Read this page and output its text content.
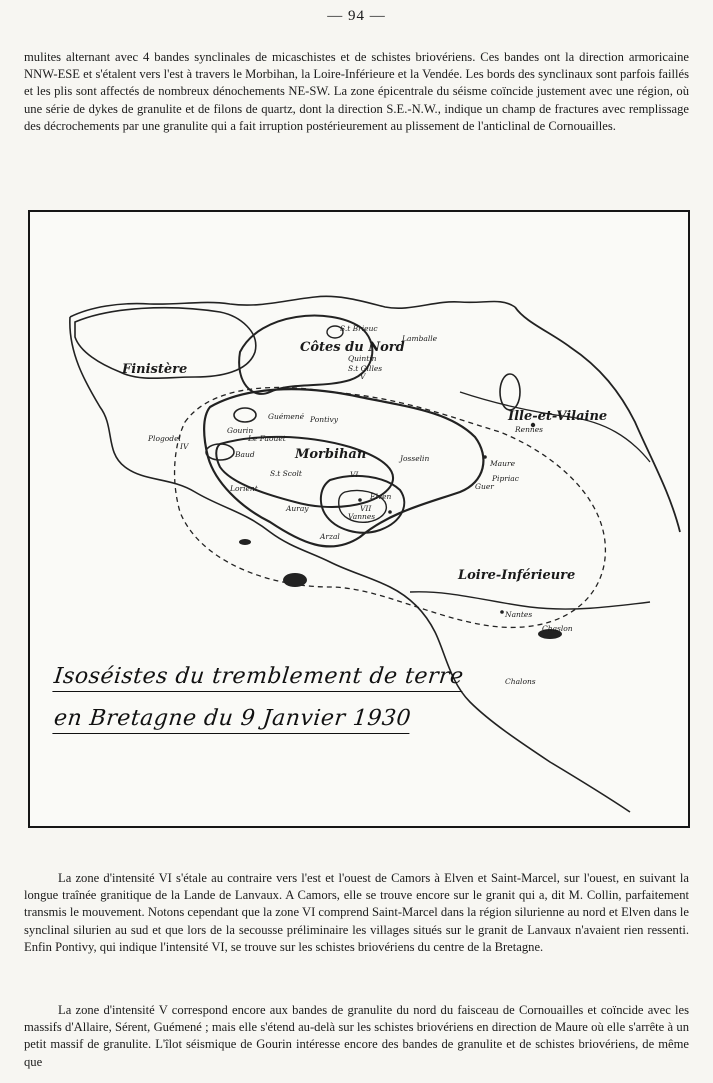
— 94 —

mulites alternant avec 4 bandes synclinales de micaschistes et de schistes briovériens. Ces bandes ont la direction armoricaine NNW-ESE et s'étalent vers l'est à travers le Morbihan, la Loire-Inférieure et la Vendée. Les bords des synclinaux sont parfois faillés et les plis sont affectés de nombreux dénochements NE-SW. La zone épicentrale du séisme coïncide justement avec une région, où une série de dykes de granulite et de filons de quartz, dont la direction S.E.-N.W., indique un champ de fractures avec remplissage des décrochements par une granulite qui a fait irruption postérieurement au plissement de l'anticlinal de Cornouailles.

Finistère
Côtes du Nord
Morbihan
Ille-et-Vilaine
Loire-Inférieure
Lamballe
S.t Brieuc
Quintin
S.t Gilles
Rennes
Plogodel
Gourin
Le Faouet
Guémené Pontivy
Josselin
Baud
S.t Scolt
Lorient
Auray
Vannes
Elven
Arzal
Maure
Pipriac
Guer
Nantes
Chalons
Chaslon
IV
V
VI
VII
Isoséistes du tremblement de terre
en Bretagne du 9 Janvier 1930

La zone d'intensité VI s'étale au contraire vers l'est et l'ouest de Camors à Elven et Saint-Marcel, sur l'ouest, en suivant la longue traînée granitique de la Lande de Lanvaux. A Camors, elle se trouve encore sur le granit qui a, dit M. Collin, parfaitement transmis le mouvement. Notons cependant que la zone VI comprend Saint-Marcel dans la région silurienne au nord et Elven dans le synclinal silurien au sud et que lors de la secousse préliminaire les villages situés sur le granit de Lanvaux n'avaient rien ressenti. Enfin Pontivy, qui indique l'intensité VI, se trouve sur les schistes briovériens du centre de la Bretagne.

La zone d'intensité V correspond encore aux bandes de granulite du nord du faisceau de Cornouailles et coïncide avec les massifs d'Allaire, Sérent, Guémené ; mais elle s'étend au-delà sur les schistes briovériens en direction de Maure où elle s'arrête à un petit massif de granulite. L'îlot séismique de Gourin intéresse encore des bandes de granulite et de schistes briovériens, de même que
